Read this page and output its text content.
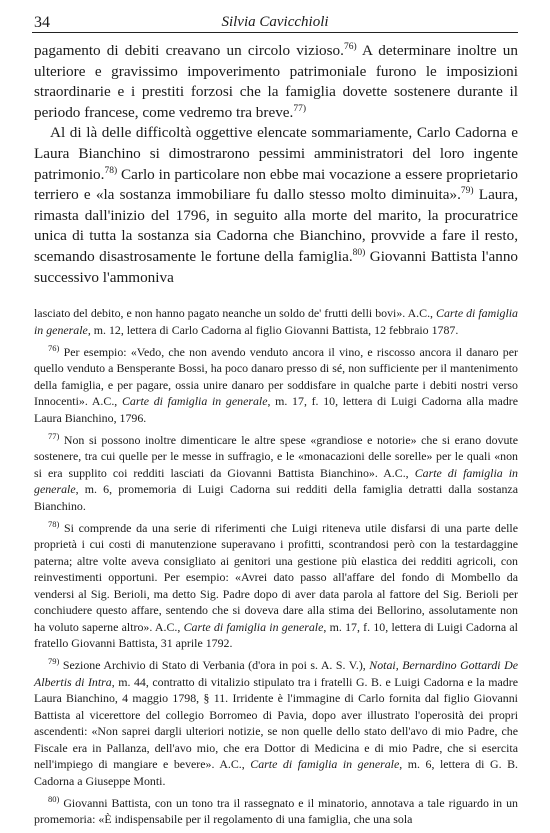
34	Silvia Cavicchioli

pagamento di debiti creavano un circolo vizioso.$^{76)}$ A determinare inoltre un ulteriore e gravissimo impoverimento patrimoniale furono le imposizioni straordinarie e i prestiti forzosi che la famiglia dovette sostenere durante il periodo francese, come vedremo tra breve.$^{77)}$

Al di là delle difficoltà oggettive elencate sommariamente, Carlo Cadorna e Laura Bianchino si dimostrarono pessimi amministratori del loro ingente patrimonio.$^{78)}$ Carlo in particolare non ebbe mai vocazione a essere proprietario terriero e «la sostanza immobiliare fu dallo stesso molto diminuita».$^{79)}$ Laura, rimasta dall'inizio del 1796, in seguito alla morte del marito, la procuratrice unica di tutta la sostanza sia Cadorna che Bianchino, provvide a fare il resto, scemando disastrosamente le fortune della famiglia.$^{80)}$ Giovanni Battista l'anno successivo l'ammoniva

lasciato del debito, e non hanno pagato neanche un soldo de' frutti delli bovi». A.C., Carte di famiglia in generale, m. 12, lettera di Carlo Cadorna al figlio Giovanni Battista, 12 febbraio 1787.

$^{76)}$ Per esempio: «Vedo, che non avendo venduto ancora il vino, e riscosso ancora il danaro per quello venduto a Bensperante Bossi, ha poco danaro presso di sé, non sufficiente per il mantenimento della famiglia, e per pagare, ossia unire danaro per soddisfare in qualche parte i debiti nostri verso Innocenti». A.C., Carte di famiglia in generale, m. 17, f. 10, lettera di Luigi Cadorna alla madre Laura Bianchino, 1796.

$^{77)}$ Non si possono inoltre dimenticare le altre spese «grandiose e notorie» che si erano dovute sostenere, tra cui quelle per le messe in suffragio, e le «monacazioni delle sorelle» per le quali «non si era supplito coi redditi lasciati da Giovanni Battista Bianchino». A.C., Carte di famiglia in generale, m. 6, promemoria di Luigi Cadorna sui redditi della famiglia detratti dalla sostanza Bianchino.

$^{78)}$ Si comprende da una serie di riferimenti che Luigi riteneva utile disfarsi di una parte delle proprietà i cui costi di manutenzione superavano i profitti, scontrandosi però con la testardaggine paterna; altre volte aveva consigliato ai genitori una gestione più elastica dei redditi agricoli, con reinvestimenti opportuni. Per esempio: «Avrei dato passo all'affare del fondo di Mombello da vendersi al Sig. Berioli, ma detto Sig. Padre dopo di aver data parola al fattore del Sig. Berioli per conchiudere questo affare, sentendo che si doveva dare alla stima dei Bellorino, assolutamente non ha voluto saperne altro». A.C., Carte di famiglia in generale, m. 17, f. 10, lettera di Luigi Cadorna al fratello Giovanni Battista, 31 aprile 1792.

$^{79)}$ Sezione Archivio di Stato di Verbania (d'ora in poi s. A. S. V.), Notai, Bernardino Gottardi De Albertis di Intra, m. 44, contratto di vitalizio stipulato tra i fratelli G. B. e Luigi Cadorna e la madre Laura Bianchino, 4 maggio 1798, § 11. Irridente è l'immagine di Carlo fornita dal figlio Giovanni Battista al vicerettore del collegio Borromeo di Pavia, dopo aver illustrato l'operosità dei propri ascendenti: «Non saprei dargli ulteriori notizie, se non quelle dello stato dell'avo di mio Padre, che Fiscale era in Pallanza, dell'avo mio, che era Dottor di Medicina e di mio Padre, che si esercita nell'impiego di mangiare e bevere». A.C., Carte di famiglia in generale, m. 6, lettera di G. B. Cadorna a Giuseppe Monti.

$^{80)}$ Giovanni Battista, con un tono tra il rassegnato e il minatorio, annotava a tale riguardo in un promemoria: «È indispensabile per il regolamento di una famiglia, che una sola
